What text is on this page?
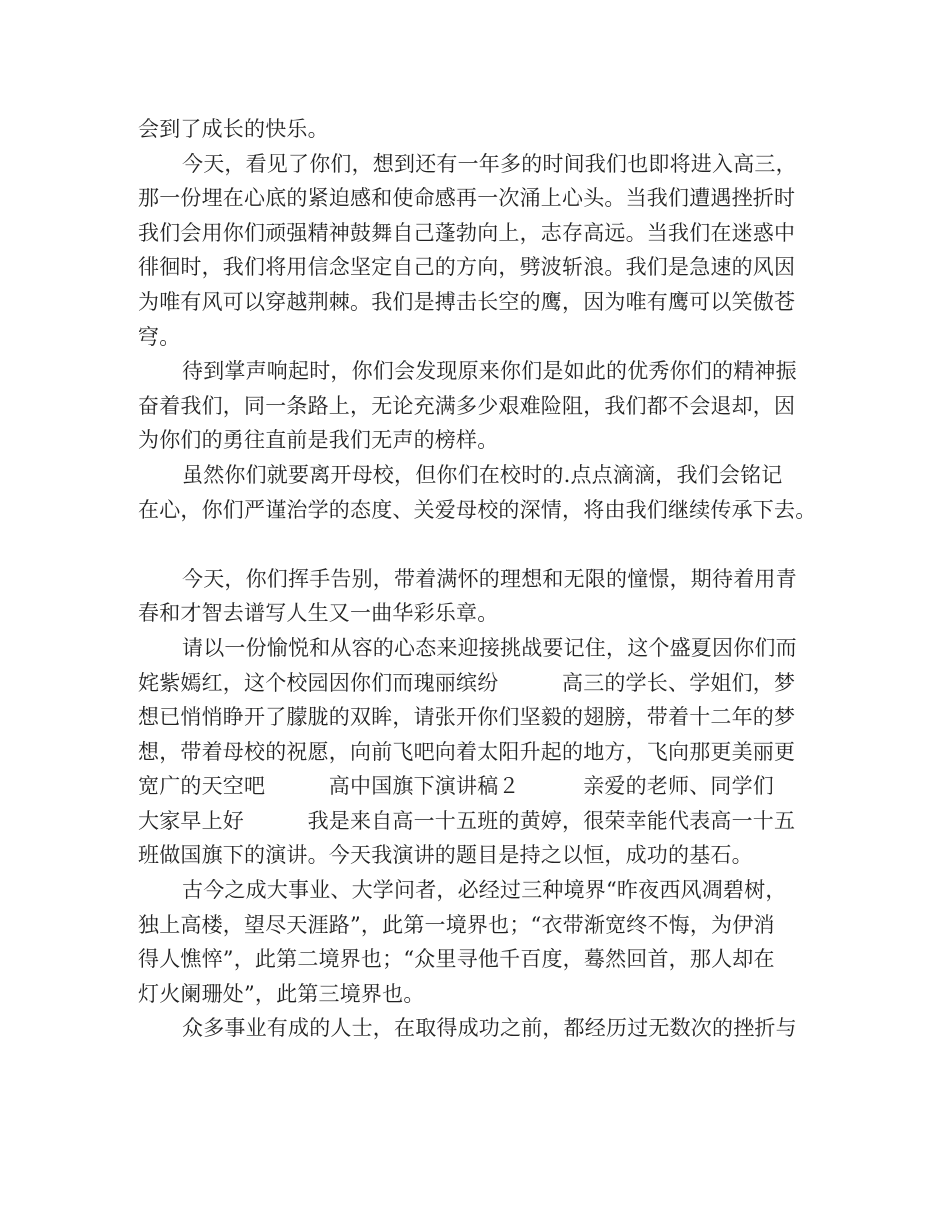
会到了成长的快乐。
今天，看见了你们，想到还有一年多的时间我们也即将进入高三，
那一份埋在心底的紧迫感和使命感再一次涌上心头。当我们遭遇挫折时
我们会用你们顽强精神鼓舞自己蓬勃向上，志存高远。当我们在迷惑中
徘徊时，我们将用信念坚定自己的方向，劈波斩浪。我们是急速的风因
为唯有风可以穿越荆棘。我们是搏击长空的鹰，因为唯有鹰可以笑傲苍
穹。
待到掌声响起时，你们会发现原来你们是如此的优秀你们的精神振
奋着我们，同一条路上，无论充满多少艰难险阻，我们都不会退却，因
为你们的勇往直前是我们无声的榜样。
虽然你们就要离开母校，但你们在校时的.点点滴滴，我们会铭记
在心，你们严谨治学的态度、关爱母校的深情，将由我们继续传承下去。
今天，你们挥手告别，带着满怀的理想和无限的憧憬，期待着用青
春和才智去谱写人生又一曲华彩乐章。
请以一份愉悦和从容的心态来迎接挑战要记住，这个盛夏因你们而
姹紫嫣红，这个校园因你们而瑰丽缤纷　　　高三的学长、学姐们，梦
想已悄悄睁开了朦胧的双眸，请张开你们坚毅的翅膀，带着十二年的梦
想，带着母校的祝愿，向前飞吧向着太阳升起的地方，飞向那更美丽更
宽广的天空吧　　　高中国旗下演讲稿２　　　亲爱的老师、同学们
大家早上好　　　我是来自高一十五班的黄婷，很荣幸能代表高一十五
班做国旗下的演讲。今天我演讲的题目是持之以恒，成功的基石。
古今之成大事业、大学问者，必经过三种境界“昨夜西风凋碧树，
独上高楼，望尽天涯路”，此第一境界也；“衣带渐宽终不悔，为伊消
得人憔悴”，此第二境界也；“众里寻他千百度，蓦然回首，那人却在
灯火阑珊处”，此第三境界也。
众多事业有成的人士，在取得成功之前，都经历过无数次的挫折与
